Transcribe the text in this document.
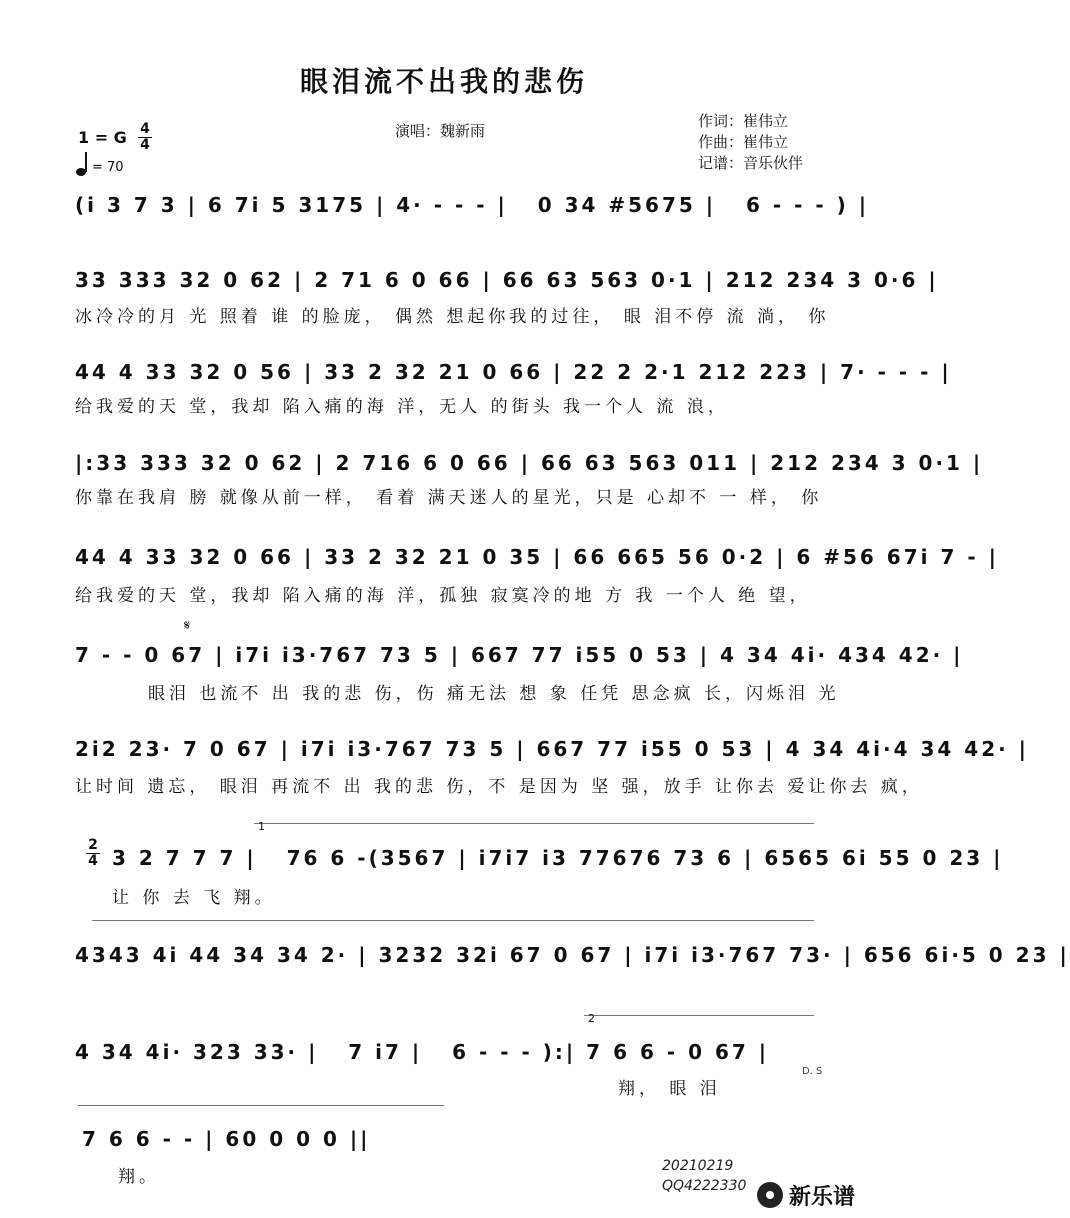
眼泪流不出我的悲伤
演唱：魏新雨
作词：崔伟立
作曲：崔伟立
记谱：音乐伙伴
1 = G 4
4
= 70
(i 3 7 3 | 6 7i 5 3175 | 4· - - - |   0 34 #5675 |   6 - - - ) |
33 333 32 0 62 | 2 71 6 0 66 | 66 63 563 0·1 | 212 234 3 0·6 |
冰冷冷的月 光 照着 谁 的脸庞， 偶然 想起你我的过往， 眼 泪不停 流 淌， 你
44 4 33 32 0 56 | 33 2 32 21 0 66 | 22 2 2·1 212 223 | 7· - - - |
给我爱的天 堂，我却 陷入痛的海 洋，无人 的街头 我一个人 流 浪，
|:33 333 32 0 62 | 2 716 6 0 66 | 66 63 563 011 | 212 234 3 0·1 |
你靠在我肩 膀 就像从前一样， 看着 满天迷人的星光，只是 心却不 一 样， 你
44 4 33 32 0 66 | 33 2 32 21 0 35 | 66 665 56 0·2 | 6 #56 67i 7 - |
给我爱的天 堂，我却 陷入痛的海 洋，孤独 寂寞冷的地 方 我 一个人 绝 望，
𝄋
7 - - 0 67 | i7i i3·767 73 5 | 667 77 i55 0 53 | 4 34 4i· 434 42· |
眼泪 也流不 出 我的悲 伤，伤 痛无法 想 象 任凭 思念疯 长，闪烁泪 光
2i2 23· 7 0 67 | i7i i3·767 73 5 | 667 77 i55 0 53 | 4 34 4i·4 34 42· |
让时间 遗忘， 眼泪 再流不 出 我的悲 伤，不 是因为 坚 强，放手 让你去 爱让你去 疯，
2
4 3 2 7 7 7 |   76 6 -(3567 | i7i7 i3 77676 73 6 | 6565 6i 55 0 23 |
让 你 去 飞 翔。
1
4343 4i 44 34 34 2· | 3232 32i 67 0 67 | i7i i3·767 73· | 656 6i·5 0 23 |
4 34 4i· 323 33· |   7 i7 |   6 - - - ):| 7 6 6 - 0 67 |
翔， 眼 泪
2
D. S
7 6 6 - - | 60 0 0 0 ||
翔。
20210219
QQ4222330 新乐谱
